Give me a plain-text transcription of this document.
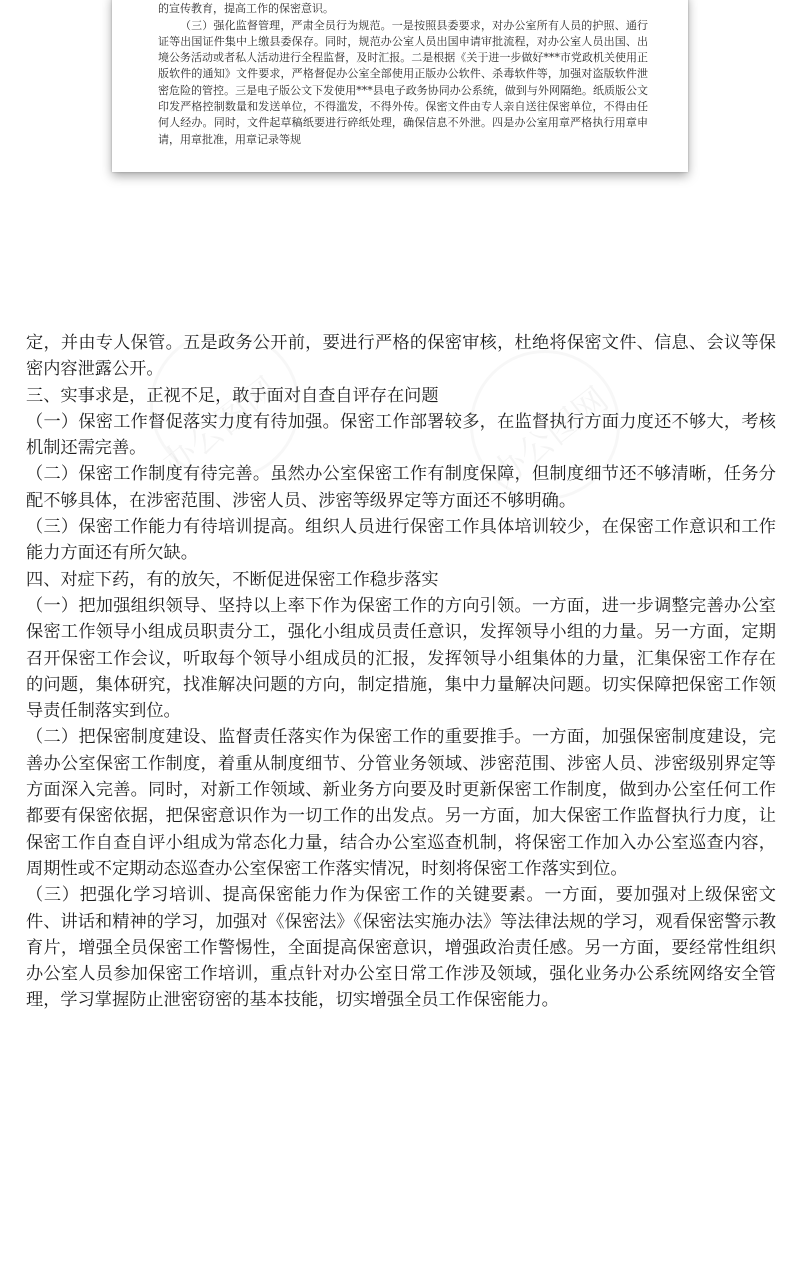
的宣传教育，提高工作的保密意识。

（三）强化监督管理，严肃全员行为规范。一是按照县委要求，对办公室所有人员的护照、通行证等出国证件集中上缴县委保存。同时，规范办公室人员出国申请审批流程，对办公室人员出国、出境公务活动或者私人活动进行全程监督，及时汇报。二是根据《关于进一步做好***市党政机关使用正版软件的通知》文件要求，严格督促办公室全部使用正版办公软件、杀毒软件等，加强对盗版软件泄密危险的管控。三是电子版公文下发使用***县电子政务协同办公系统，做到与外网隔绝。纸质版公文印发严格控制数量和发送单位，不得滥发，不得外传。保密文件由专人亲自送往保密单位，不得由任何人经办。同时，文件起草稿纸要进行碎纸处理，确保信息不外泄。四是办公室用章严格执行用章申请，用章批准，用章记录等规

定，并由专人保管。五是政务公开前，要进行严格的保密审核，杜绝将保密文件、信息、会议等保密内容泄露公开。

三、实事求是，正视不足，敢于面对自查自评存在问题

（一）保密工作督促落实力度有待加强。保密工作部署较多，在监督执行方面力度还不够大，考核机制还需完善。

（二）保密工作制度有待完善。虽然办公室保密工作有制度保障，但制度细节还不够清晰，任务分配不够具体，在涉密范围、涉密人员、涉密等级界定等方面还不够明确。

（三）保密工作能力有待培训提高。组织人员进行保密工作具体培训较少，在保密工作意识和工作能力方面还有所欠缺。

四、对症下药，有的放矢，不断促进保密工作稳步落实

（一）把加强组织领导、坚持以上率下作为保密工作的方向引领。一方面，进一步调整完善办公室保密工作领导小组成员职责分工，强化小组成员责任意识，发挥领导小组的力量。另一方面，定期召开保密工作会议，听取每个领导小组成员的汇报，发挥领导小组集体的力量，汇集保密工作存在的问题，集体研究，找准解决问题的方向，制定措施，集中力量解决问题。切实保障把保密工作领导责任制落实到位。

（二）把保密制度建设、监督责任落实作为保密工作的重要推手。一方面，加强保密制度建设，完善办公室保密工作制度，着重从制度细节、分管业务领域、涉密范围、涉密人员、涉密级别界定等方面深入完善。同时，对新工作领域、新业务方向要及时更新保密工作制度，做到办公室任何工作都要有保密依据，把保密意识作为一切工作的出发点。另一方面，加大保密工作监督执行力度，让保密工作自查自评小组成为常态化力量，结合办公室巡查机制，将保密工作加入办公室巡查内容，周期性或不定期动态巡查办公室保密工作落实情况，时刻将保密工作落实到位。

（三）把强化学习培训、提高保密能力作为保密工作的关键要素。一方面，要加强对上级保密文件、讲话和精神的学习，加强对《保密法》《保密法实施办法》等法律法规的学习，观看保密警示教育片，增强全员保密工作警惕性，全面提高保密意识，增强政治责任感。另一方面，要经常性组织办公室人员参加保密工作培训，重点针对办公室日常工作涉及领域，强化业务办公系统网络安全管理，学习掌握防止泄密窃密的基本技能，切实增强全员工作保密能力。
